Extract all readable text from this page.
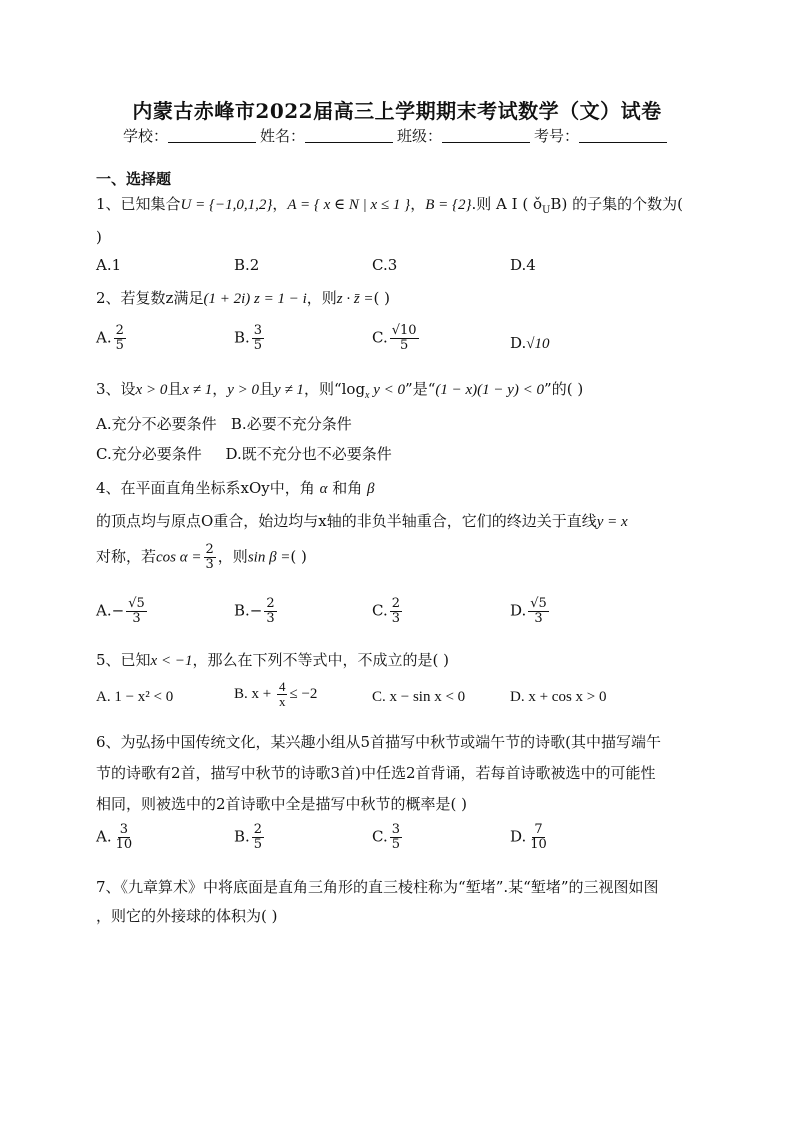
内蒙古赤峰市2022届高三上学期期末考试数学（文）试卷
学校：	姓名：	班级：	考号：
一、选择题
1、已知集合U = {−1,0,1,2}，A = { x ∈ N | x ≤ 1 }，B = {2}.则 A I ( $ǒ_UB$) 的子集的个数为(
)
A.1	B.2	C.3	D.4
2、若复数z满足(1 + 2i) z = 1 − i，则z · z̄ =( )
A. $\frac{2}{5}$	B. $\frac{3}{5}$	C. $\frac{√10}{5}$	D.√10
3、设x > 0且x ≠ 1，y > 0且y ≠ 1，则“$\log_x$ y < 0”是“(1 − x)(1 − y) < 0”的( )
A.充分不必要条件   B.必要不充分条件
C.充分必要条件     D.既不充分也不必要条件
4、在平面直角坐标系xOy中，角 α 和角 β
的顶点均与原点O重合，始边均与x轴的非负半轴重合，它们的终边关于直线y = x
对称，若$\cos \alpha = \frac{2}{3}$ ，则sin β =( )
$A.- \frac{√5}{3}$	$B.- \frac{2}{3}$	C. $\frac{2}{3}$	D. $\frac{√5}{3}$
5、已知x < −1，那么在下列不等式中，不成立的是( )
A. 1 − x² < 0	B. $x + \frac{4}{x} \le -2$	C. x − sin x < 0	D. x + cos x > 0
6、为弘扬中国传统文化，某兴趣小组从5首描写中秋节或端午节的诗歌(其中描写端午
节的诗歌有2首，描写中秋节的诗歌3首)中任选2首背诵，若每首诗歌被选中的可能性
相同，则被选中的2首诗歌中全是描写中秋节的概率是( )
A. $\frac{3}{10}$	B. $\frac{2}{5}$	C. $\frac{3}{5}$	D. $\frac{7}{10}$
7、《九章算术》中将底面是直角三角形的直三棱柱称为“堑堵”.某“堑堵”的三视图如图
，则它的外接球的体积为( )
